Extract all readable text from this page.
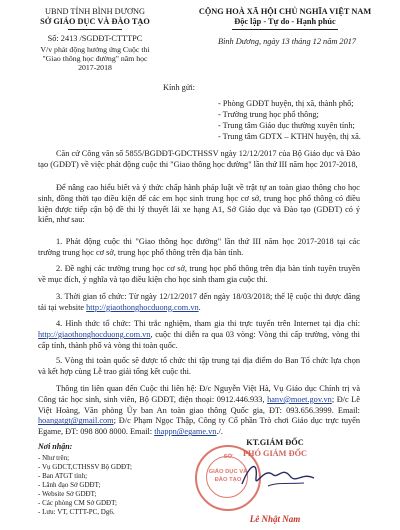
UBND TỈNH BÌNH DƯƠNG
SỞ GIÁO DỤC VÀ ĐÀO TẠO
CỘNG HOÀ XÃ HỘI CHỦ NGHĨA VIỆT NAM
Độc lập - Tự do - Hạnh phúc
Số: 2413 /SGDĐT-CTTTPC
V/v phát động hướng ứng Cuộc thi
"Giao thông học đường" năm học
2017-2018
Bình Dương, ngày 13 tháng 12 năm 2017
Kính gửi:
- Phòng GDĐT huyện, thị xã, thành phố;
- Trường trung học phổ thông;
- Trung tâm Giáo dục thường xuyên tỉnh;
- Trung tâm GDTX – KTHN huyện, thị xã.
Căn cứ Công văn số 5855/BGDĐT-GDCTHSSV ngày 12/12/2017 của Bộ Giáo dục và Đào tạo (GDĐT) về việc phát động cuộc thi "Giao thông học đường" lần thứ III năm học 2017-2018,
Để nâng cao hiểu biết và ý thức chấp hành pháp luật về trật tự an toàn giao thông cho học sinh, đồng thời tạo điều kiện để các em học sinh trung học cơ sở, trung học phổ thông có điều kiện được tiếp cận bộ đề thi lý thuyết lái xe hạng A1, Sở Giáo dục và Đào tạo (GDĐT) có ý kiến, như sau:
1. Phát động cuộc thi "Giao thông học đường" lần thứ III năm học 2017-2018 tại các trường trung học cơ sở, trung học phổ thông trên địa bàn tỉnh.
2. Đề nghị các trường trung học cơ sở, trung học phổ thông trên địa bàn tỉnh tuyên truyền về mục đích, ý nghĩa và tạo điều kiện cho học sinh tham gia cuộc thi.
3. Thời gian tổ chức: Từ ngày 12/12/2017 đến ngày 18/03/2018; thể lệ cuộc thi được đăng tải tại website http://giaothonghocduong.com.vn.
4. Hình thức tổ chức: Thi trắc nghiệm, tham gia thi trực tuyến trên Internet tại địa chỉ: http://giaothonghocduong.com.vn, cuộc thi diễn ra qua 03 vòng: Vòng thi cấp trường, vòng thi cấp tỉnh, thành phố và vòng thi toàn quốc.
5. Vòng thi toàn quốc sẽ được tổ chức thi tập trung tại địa điểm do Ban Tổ chức lựa chọn và kết hợp cùng Lễ trao giải tổng kết cuộc thi.
Thông tin liên quan đến Cuộc thi liên hệ: Đ/c Nguyễn Việt Hà, Vụ Giáo dục Chính trị và Công tác học sinh, sinh viên, Bộ GDĐT, điện thoại: 0912.446.933, hanv@moet.gov.vn; Đ/c Lê Việt Hoàng, Văn phòng Ủy ban An toàn giao thông Quốc gia, ĐT: 093.656.3999. Email: hoangatgt@gmail.com; Đ/c Phạm Ngọc Thập, Công ty Cổ phần Trò chơi Giáo dục trực tuyến Egame, ĐT: 098 800 8000. Email: thappn@egame.vn./.
Nơi nhận:
- Như trên;
- Vụ GDCT,CTHSSV Bộ GDĐT;
- Ban ATGT tỉnh;
- Lãnh đạo Sở GDĐT;
- Website Sở GDĐT;
- Các phòng CM Sở GDĐT;
- Lưu: VT, CTTT-PC, Dg6.
KT.GIÁM ĐỐC
PHÓ GIÁM ĐỐC
SỞ
GIÁO DỤC VÀ
ĐÀO TẠO
Lê Nhật Nam
